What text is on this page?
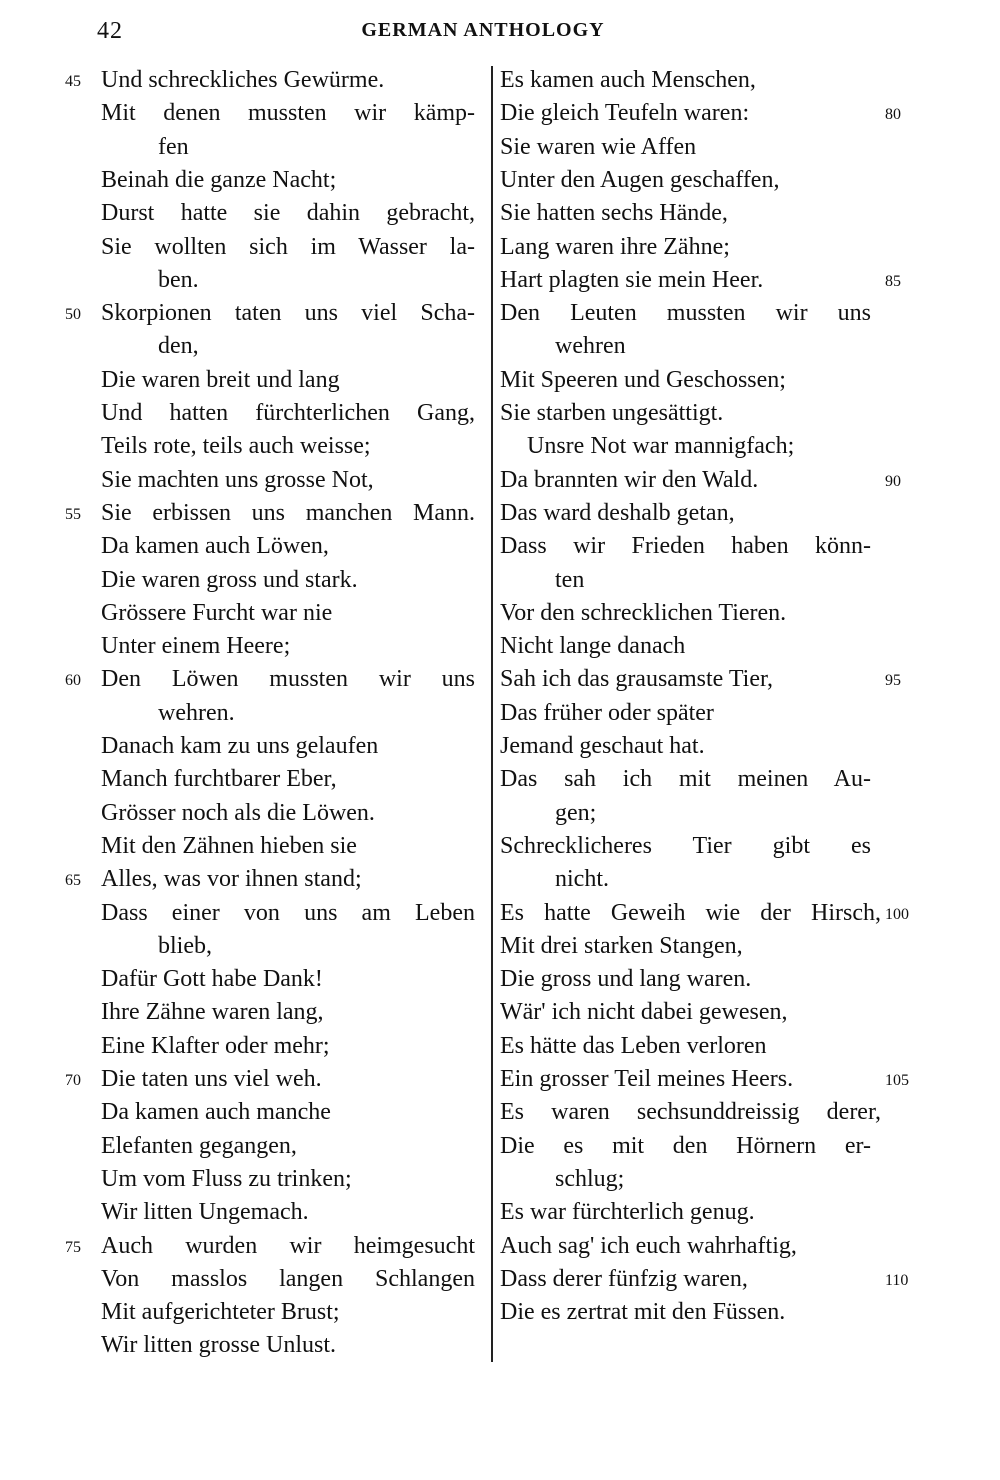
42	GERMAN ANTHOLOGY
Und schreckliches Gewürme.
Mit denen mussten wir kämp-
fen
Beinah die ganze Nacht;
Durst hatte sie dahin gebracht,
Sie wollten sich im Wasser la-
ben.
Skorpionen taten uns viel Scha-
den,
Die waren breit und lang
Und hatten fürchterlichen Gang,
Teils rote, teils auch weisse;
Sie machten uns grosse Not,
Sie erbissen uns manchen Mann.
Da kamen auch Löwen,
Die waren gross und stark.
Grössere Furcht war nie
Unter einem Heere;
Den Löwen mussten wir uns
wehren.
Danach kam zu uns gelaufen
Manch furchtbarer Eber,
Grösser noch als die Löwen.
Mit den Zähnen hieben sie
Alles, was vor ihnen stand;
Dass einer von uns am Leben
blieb,
Dafür Gott habe Dank!
Ihre Zähne waren lang,
Eine Klafter oder mehr;
Die taten uns viel weh.
Da kamen auch manche
Elefanten gegangen,
Um vom Fluss zu trinken;
Wir litten Ungemach.
Auch wurden wir heimgesucht
Von masslos langen Schlangen
Mit aufgerichteter Brust;
Wir litten grosse Unlust.
45
50
55
60
65
70
75
Es kamen auch Menschen,
Die gleich Teufeln waren:
Sie waren wie Affen
Unter den Augen geschaffen,
Sie hatten sechs Hände,
Lang waren ihre Zähne;
Hart plagten sie mein Heer.
Den Leuten mussten wir uns
wehren
Mit Speeren und Geschossen;
Sie starben ungesättigt.
Unsre Not war mannigfach;
Da brannten wir den Wald.
Das ward deshalb getan,
Dass wir Frieden haben könn-
ten
Vor den schrecklichen Tieren.
Nicht lange danach
Sah ich das grausamste Tier,
Das früher oder später
Jemand geschaut hat.
Das sah ich mit meinen Au-
gen;
Schrecklicheres Tier gibt es
nicht.
Es hatte Geweih wie der Hirsch,
Mit drei starken Stangen,
Die gross und lang waren.
Wär' ich nicht dabei gewesen,
Es hätte das Leben verloren
Ein grosser Teil meines Heers.
Es waren sechsunddreissig derer,
Die es mit den Hörnern er-
schlug;
Es war fürchterlich genug.
Auch sag' ich euch wahrhaftig,
Dass derer fünfzig waren,
Die es zertrat mit den Füssen.
80
85
90
95
100
105
110
